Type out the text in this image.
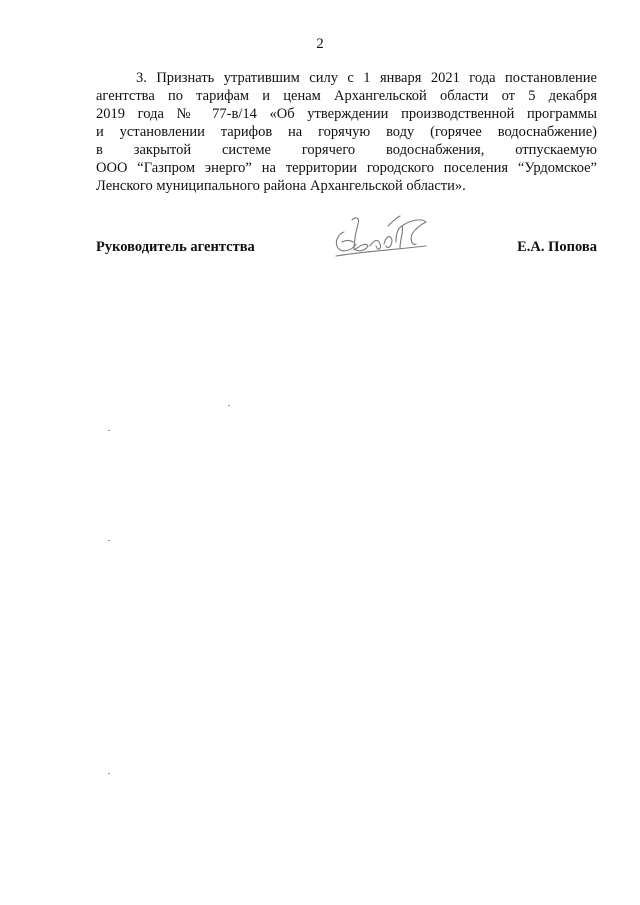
2

3. Признать утратившим силу с 1 января 2021 года постановление
агентства по тарифам и ценам Архангельской области от 5 декабря
2019 года № 77-в/14 «Об утверждении производственной программы
и установлении тарифов на горячую воду (горячее водоснабжение)
в закрытой системе горячего водоснабжения, отпускаемую
ООО “Газпром энерго” на территории городского поселения “Урдомское”
Ленского муниципального района Архангельской области».

Руководитель агентства	Е.А. Попова
